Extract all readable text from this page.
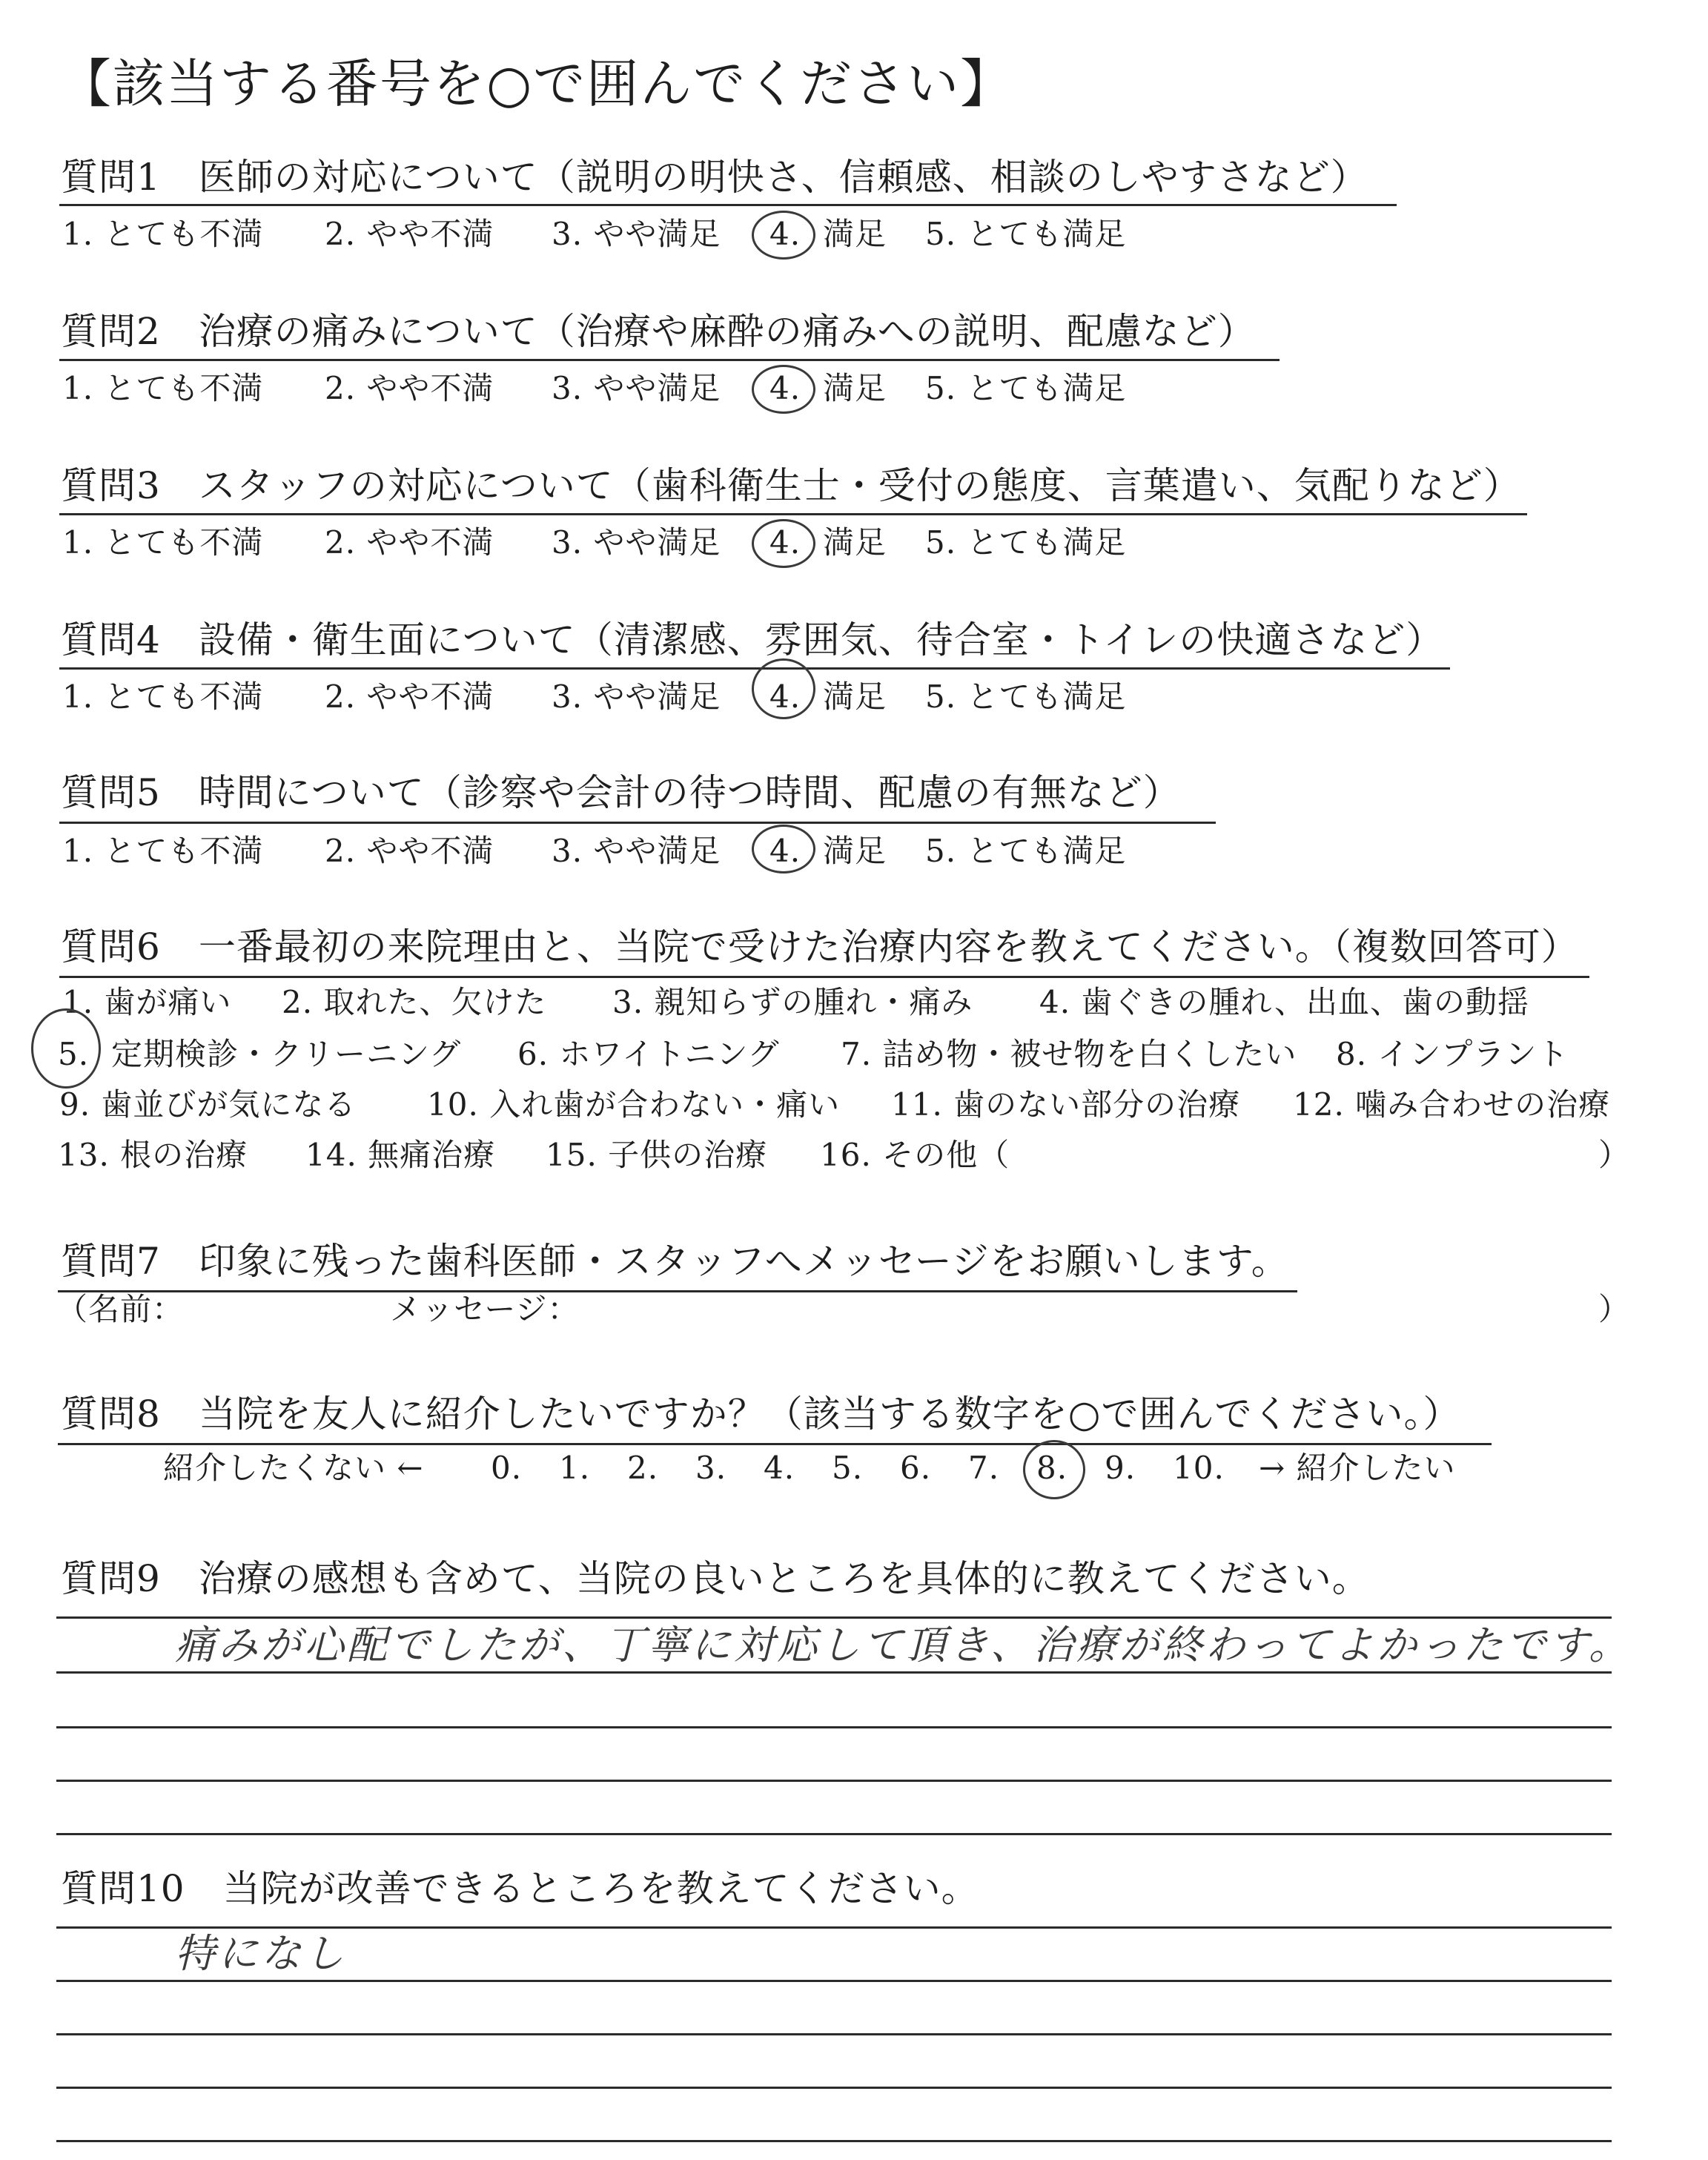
【該当する番号を○で囲んでください】
質問1　 医師の対応について（説明の明快さ、信頼感、相談のしやすさなど）
1. とても不満 2. やや不満 3. やや満足 4. 満足 5. とても満足
質問2　 治療の痛みについて（治療や麻酔の痛みへの説明、配慮など）
1. とても不満 2. やや不満 3. やや満足 4. 満足 5. とても満足
質問3　 スタッフの対応について（歯科衛生士・受付の態度、言葉遣い、気配りなど）
1. とても不満 2. やや不満 3. やや満足 4. 満足 5. とても満足
質問4　 設備・衛生面について（清潔感、雰囲気、待合室・トイレの快適さなど）
1. とても不満 2. やや不満 3. やや満足 4. 満足 5. とても満足
質問5　 時間について（診察や会計の待つ時間、配慮の有無など）
1. とても不満 2. やや不満 3. やや満足 4. 満足 5. とても満足
質問6　 一番最初の来院理由と、当院で受けた治療内容を教えてください。（複数回答可）
1. 歯が痛い 2. 取れた、欠けた 3. 親知らずの腫れ・痛み 4. 歯ぐきの腫れ、出血、歯の動揺
5. 定期検診・クリーニング 6. ホワイトニング 7. 詰め物・被せ物を白くしたい 8. インプラント
9. 歯並びが気になる 10. 入れ歯が合わない・痛い 11. 歯のない部分の治療 12. 噛み合わせの治療
13. 根の治療 14. 無痛治療 15. 子供の治療 16. その他（	）
質問7　 印象に残った歯科医師・スタッフへメッセージをお願いします。
（名前：	メッセージ：	）
質問8　 当院を友人に紹介したいですか？（該当する数字を○で囲んでください。）
紹介したくない ← 0. 1. 2. 3. 4. 5. 6. 7. 8. 9. 10. → 紹介したい
質問9　 治療の感想も含めて、当院の良いところを具体的に教えてください。
痛みが心配でしたが、丁寧に対応して頂き、治療が終わってよかったです。
質問10　 当院が改善できるところを教えてください。
特になし
